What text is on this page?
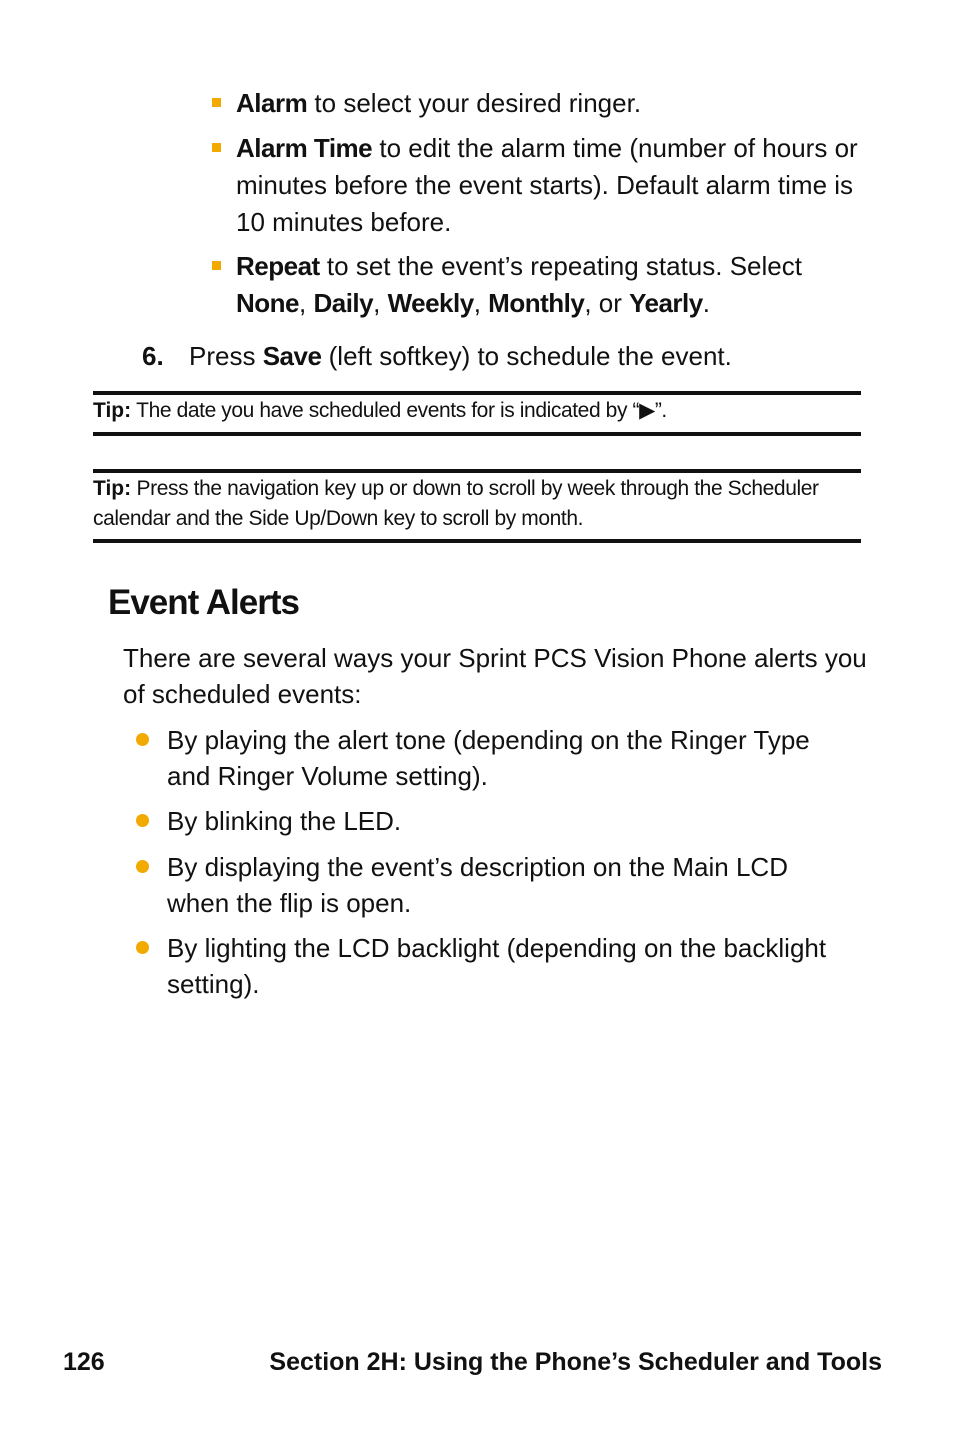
Alarm to select your desired ringer.
Alarm Time to edit the alarm time (number of hours or minutes before the event starts). Default alarm time is 10 minutes before.
Repeat to set the event’s repeating status. Select
None, Daily, Weekly, Monthly, or Yearly.
6. Press Save (left softkey) to schedule the event.
Tip: The date you have scheduled events for is indicated by “▶”.
Tip: Press the navigation key up or down to scroll by week through the Scheduler calendar and the Side Up/Down key to scroll by month.
Event Alerts
There are several ways your Sprint PCS Vision Phone alerts you of scheduled events:
By playing the alert tone (depending on the Ringer Type and Ringer Volume setting).
By blinking the LED.
By displaying the event’s description on the Main LCD when the flip is open.
By lighting the LCD backlight (depending on the backlight setting).
126	Section 2H: Using the Phone’s Scheduler and Tools
